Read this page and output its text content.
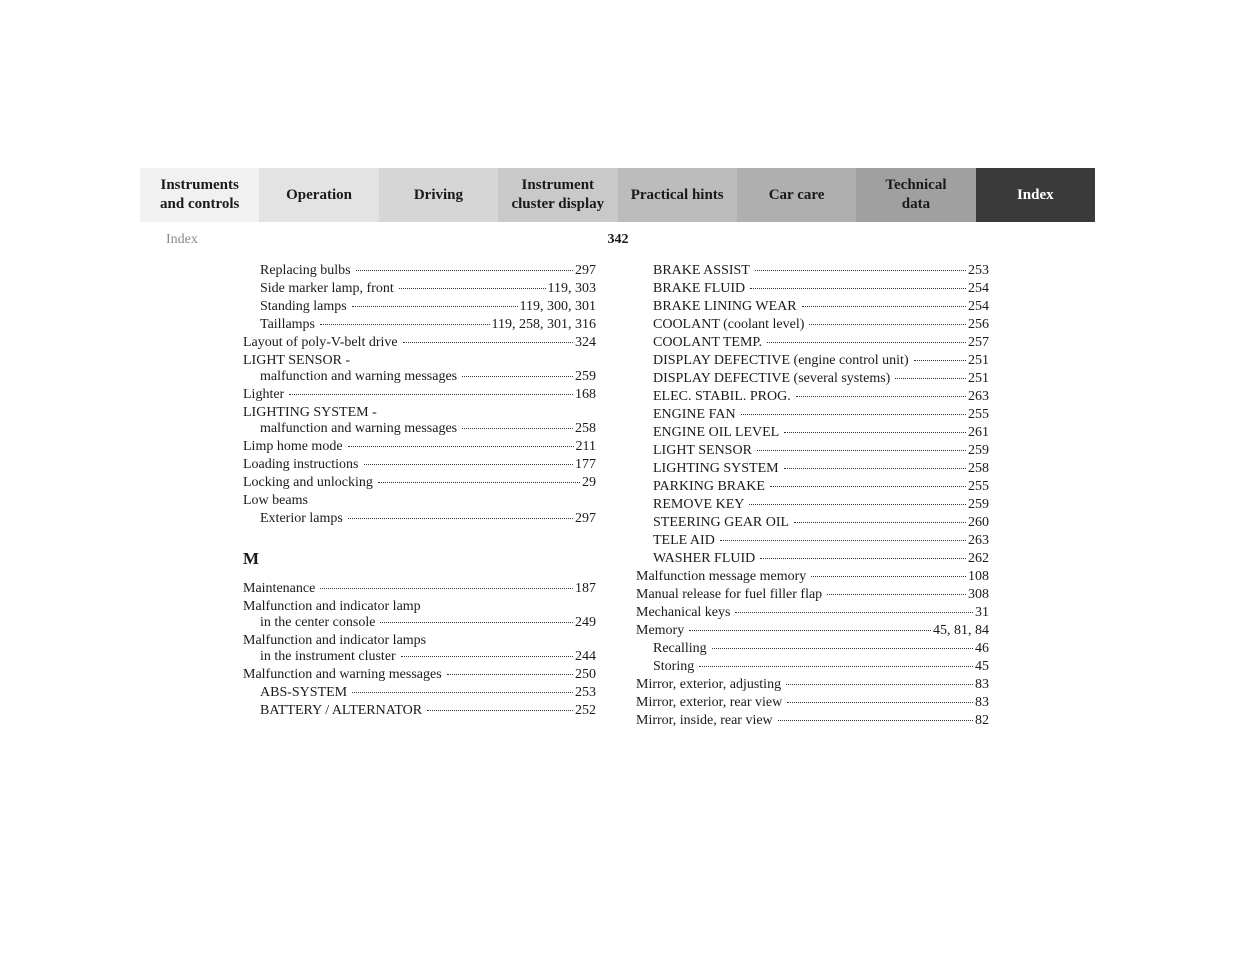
Instruments
and controls
Operation	Driving
Instrument
cluster display
Practical hints	Car care
Technical
data
Index
Index	342
Replacing bulbs	297
Side marker lamp, front	119, 303
Standing lamps	119, 300, 301
Taillamps	119, 258, 301, 316
Layout of poly-V-belt drive	324
LIGHT SENSOR -
malfunction and warning messages	259
Lighter	168
LIGHTING SYSTEM -
malfunction and warning messages	258
Limp home mode	211
Loading instructions	177
Locking and unlocking	29
Low beams
Exterior lamps	297
M
Maintenance	187
Malfunction and indicator lamp
in the center console	249
Malfunction and indicator lamps
in the instrument cluster	244
Malfunction and warning messages	250
ABS-SYSTEM	253
BATTERY / ALTERNATOR	252
BRAKE ASSIST	253
BRAKE FLUID	254
BRAKE LINING WEAR	254
COOLANT (coolant level)	256
COOLANT TEMP.	257
DISPLAY DEFECTIVE (engine control unit)	251
DISPLAY DEFECTIVE (several systems)	251
ELEC. STABIL. PROG.	263
ENGINE FAN	255
ENGINE OIL LEVEL	261
LIGHT SENSOR	259
LIGHTING SYSTEM	258
PARKING BRAKE	255
REMOVE KEY	259
STEERING GEAR OIL	260
TELE AID	263
WASHER FLUID	262
Malfunction message memory	108
Manual release for fuel filler flap	308
Mechanical keys	31
Memory	45, 81, 84
Recalling	46
Storing	45
Mirror, exterior, adjusting	83
Mirror, exterior, rear view	83
Mirror, inside, rear view	82
